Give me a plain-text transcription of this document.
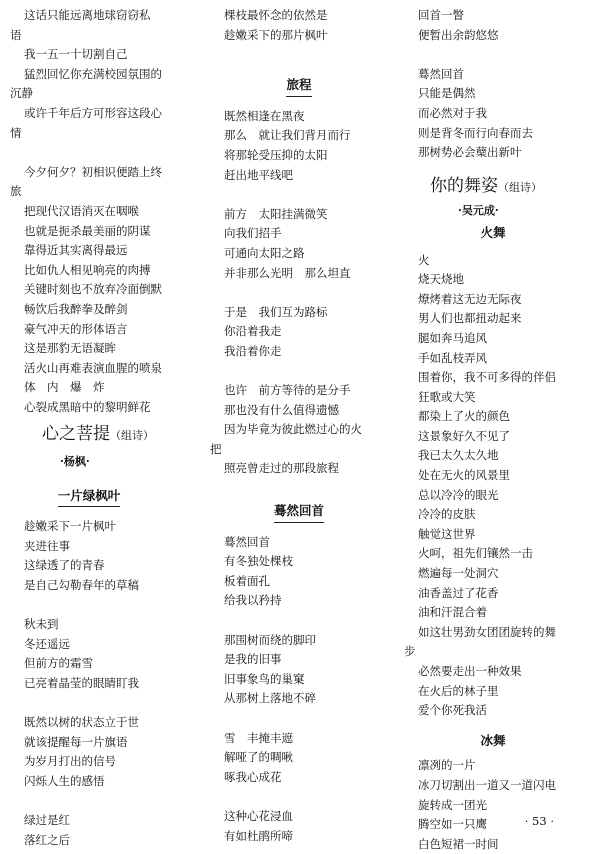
这话只能远离地球窃窃私
语
我一五一十切割自己
猛烈回忆你充满校园氛围的
沉静
或许千年后方可形容这段心
情
今夕何夕？初相识便踏上终
旅
把现代汉语消灭在咽喉
也就是扼杀最美丽的阴谋
靠得近其实离得最远
比如仇人相见响亮的肉搏
关键时刻也不放弃冷面倒默
畅饮后我醉拳及醉剑
豪气冲天的形体语言
这是那豹无语凝眸
活火山再难表演血腥的喷泉
体　内　爆　炸
心裂成黑暗中的黎明鲜花
心之菩提（组诗）
·杨枫·
一片绿枫叶
趁嫩采下一片枫叶
夹进往事
这绿透了的青春
是自己勾勒春年的草稿
秋未到
冬还遥远
但前方的霜雪
已亮着晶莹的眼睛盯我
既然以树的状态立于世
就该提醒每一片旗语
为岁月打出的信号
闪烁人生的感悟
绿过是红
落红之后
棵枝最怀念的依然是
趁嫩采下的那片枫叶
旅程
既然相逢在黑夜
那么　就让我们背月而行
将那轮受压抑的太阳
赶出地平线吧
前方　太阳挂满微笑
向我们招手
可通向太阳之路
并非那么光明　那么坦直
于是　我们互为路标
你沿着我走
我沿着你走
也许　前方等待的是分手
那也没有什么值得遗憾
因为毕竟为彼此燃过心的火
把
照亮曾走过的那段旅程
蓦然回首
蓦然回首
有冬独处棵枝
板着面孔
给我以矜持
那围树而绕的脚印
是我的旧事
旧事象鸟的巢窠
从那树上落地不碎
雪　丰掩丰遮
解哑了的啁啾
啄我心成花
这种心花浸血
有如杜鹃所啼
回首一瞥
便暂出余韵悠悠
蓦然回首
只能是偶然
而必然对于我
则是背冬而行向春而去
那树势必会蘖出新叶
你的舞姿（组诗）
·吴元成·
火舞
火
烧天烧地
燎烤着这无边无际夜
男人们也都扭动起来
腿如奔马追风
手如乱枝弄风
围着你，我不可多得的伴侣
狂歌或大笑
都染上了火的颜色
这景象好久不见了
我已太久太久地
处在无火的风景里
总以冷冷的眼光
冷冷的皮肤
触觉这世界
火呵，祖先们镶然一击
燃遍每一处洞穴
油香盖过了花香
油和汗混合着
如这壮男劲女团团旋转的舞
步
必然要走出一种效果
在火后的林子里
爱个你死我活
冰舞
凛冽的一片
冰刀切割出一道又一道闪电
旋转成一团光
腾空如一只鹰
白色短裙一时间
· 53 ·
